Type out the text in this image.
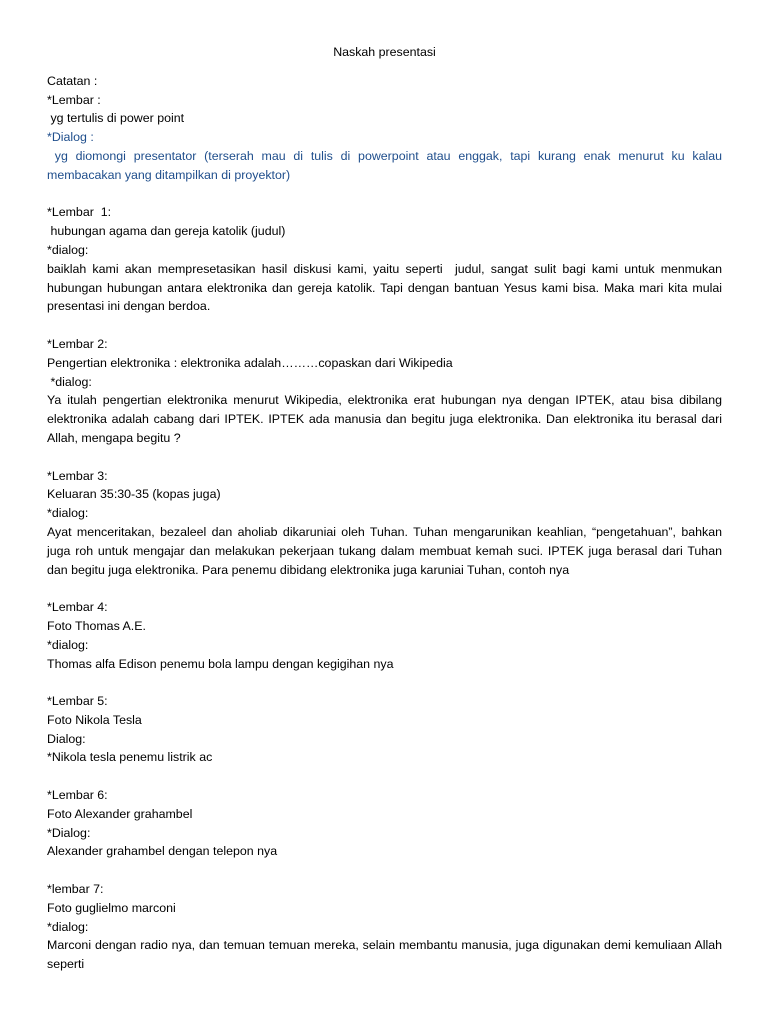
Naskah presentasi
Catatan :
*Lembar :
yg tertulis di power point
*Dialog :
yg diomongi presentator (terserah mau di tulis di powerpoint atau enggak, tapi kurang enak menurut ku kalau membacakan yang ditampilkan di proyektor)
*Lembar  1:
hubungan agama dan gereja katolik (judul)
*dialog:
baiklah kami akan mempresetasikan hasil diskusi kami, yaitu seperti  judul, sangat sulit bagi kami untuk menmukan hubungan hubungan antara elektronika dan gereja katolik. Tapi dengan bantuan Yesus kami bisa. Maka mari kita mulai presentasi ini dengan berdoa.
*Lembar 2:
Pengertian elektronika : elektronika adalah………copaskan dari Wikipedia
*dialog:
Ya itulah pengertian elektronika menurut Wikipedia, elektronika erat hubungan nya dengan IPTEK, atau bisa dibilang elektronika adalah cabang dari IPTEK. IPTEK ada manusia dan begitu juga elektronika. Dan elektronika itu berasal dari Allah, mengapa begitu ?
*Lembar 3:
Keluaran 35:30-35 (kopas juga)
*dialog:
Ayat menceritakan, bezaleel dan aholiab dikaruniai oleh Tuhan. Tuhan mengarunikan keahlian, “pengetahuan”, bahkan juga roh untuk mengajar dan melakukan pekerjaan tukang dalam membuat kemah suci. IPTEK juga berasal dari Tuhan dan begitu juga elektronika. Para penemu dibidang elektronika juga karuniai Tuhan, contoh nya
*Lembar 4:
Foto Thomas A.E.
*dialog:
Thomas alfa Edison penemu bola lampu dengan kegigihan nya
*Lembar 5:
Foto Nikola Tesla
Dialog:
*Nikola tesla penemu listrik ac
*Lembar 6:
Foto Alexander grahambel
*Dialog:
Alexander grahambel dengan telepon nya
*lembar 7:
Foto guglielmo marconi
*dialog:
Marconi dengan radio nya, dan temuan temuan mereka, selain membantu manusia, juga digunakan demi kemuliaan Allah seperti
